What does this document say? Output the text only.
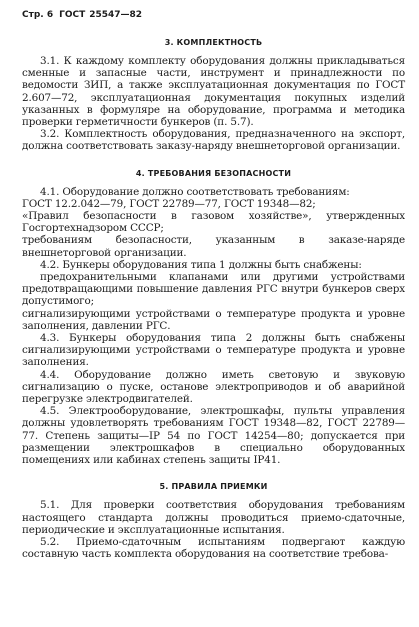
Стр. 6 ГОСТ 25547—82
3. КОМПЛЕКТНОСТЬ

3.1. К каждому комплекту оборудования должны прикладываться сменные и запасные части, инструмент и принадлежности по ведомости ЗИП, а также эксплуатационная документация по ГОСТ 2.607—72, эксплуатационная документация покупных изделий указанных в формуляре на оборудование, программа и методика проверки герметичности бункеров (п. 5.7).

3.2. Комплектность оборудования, предназначенного на экспорт, должна соответствовать заказу-наряду внешнеторговой организации.

4. ТРЕБОВАНИЯ БЕЗОПАСНОСТИ

4.1. Оборудование должно соответствовать требованиям:

ГОСТ 12.2.042—79, ГОСТ 22789—77, ГОСТ 19348—82;

«Правил безопасности в газовом хозяйстве», утвержденных Госгортехнадзором СССР;

требованиям безопасности, указанным в заказе-наряде внешнеторговой организации.

4.2. Бункеры оборудования типа 1 должны быть снабжены:

предохранительными клапанами или другими устройствами предотвращающими повышение давления РГС внутри бункеров сверх допустимого;

сигнализирующими устройствами о температуре продукта и уровне заполнения, давлении РГС.

4.3. Бункеры оборудования типа 2 должны быть снабжены сигнализирующими устройствами о температуре продукта и уровне заполнения.

4.4. Оборудование должно иметь световую и звуковую сигнализацию о пуске, останове электроприводов и об аварийной перегрузке электродвигателей.

4.5. Электрооборудование, электрошкафы, пульты управления должны удовлетворять требованиям ГОСТ 19348—82, ГОСТ 22789—77. Степень защиты—IP 54 по ГОСТ 14254—80; допускается при размещении электрошкафов в специально оборудованных помещениях или кабинах степень защиты IP41.

5. ПРАВИЛА ПРИЕМКИ

5.1. Для проверки соответствия оборудования требованиям настоящего стандарта должны проводиться приемо-сдаточные, периодические и эксплуатационные испытания.

5.2. Приемо-сдаточным испытаниям подвергают каждую составную часть комплекта оборудования на соответствие требова-
